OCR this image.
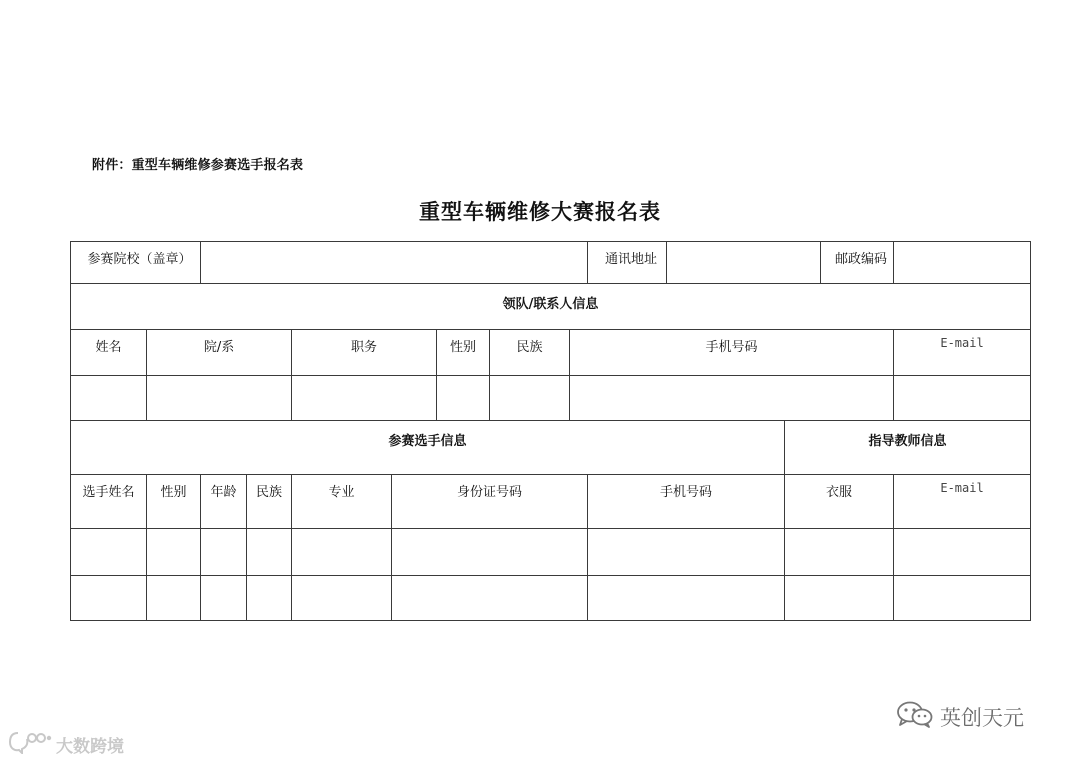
附件：重型车辆维修参赛选手报名表
重型车辆维修大赛报名表
参赛院校（盖章）									通讯地址			邮政编码	

领队/联系人信息													

姓名	院/系			职务		性别	民族	手机号码					E-mail

参赛选手信息											指导教师信息		

选手姓名	性别	年龄	民族	专业	身份证号码				手机号码		衣服		E-mail

英创天元
大数跨境
